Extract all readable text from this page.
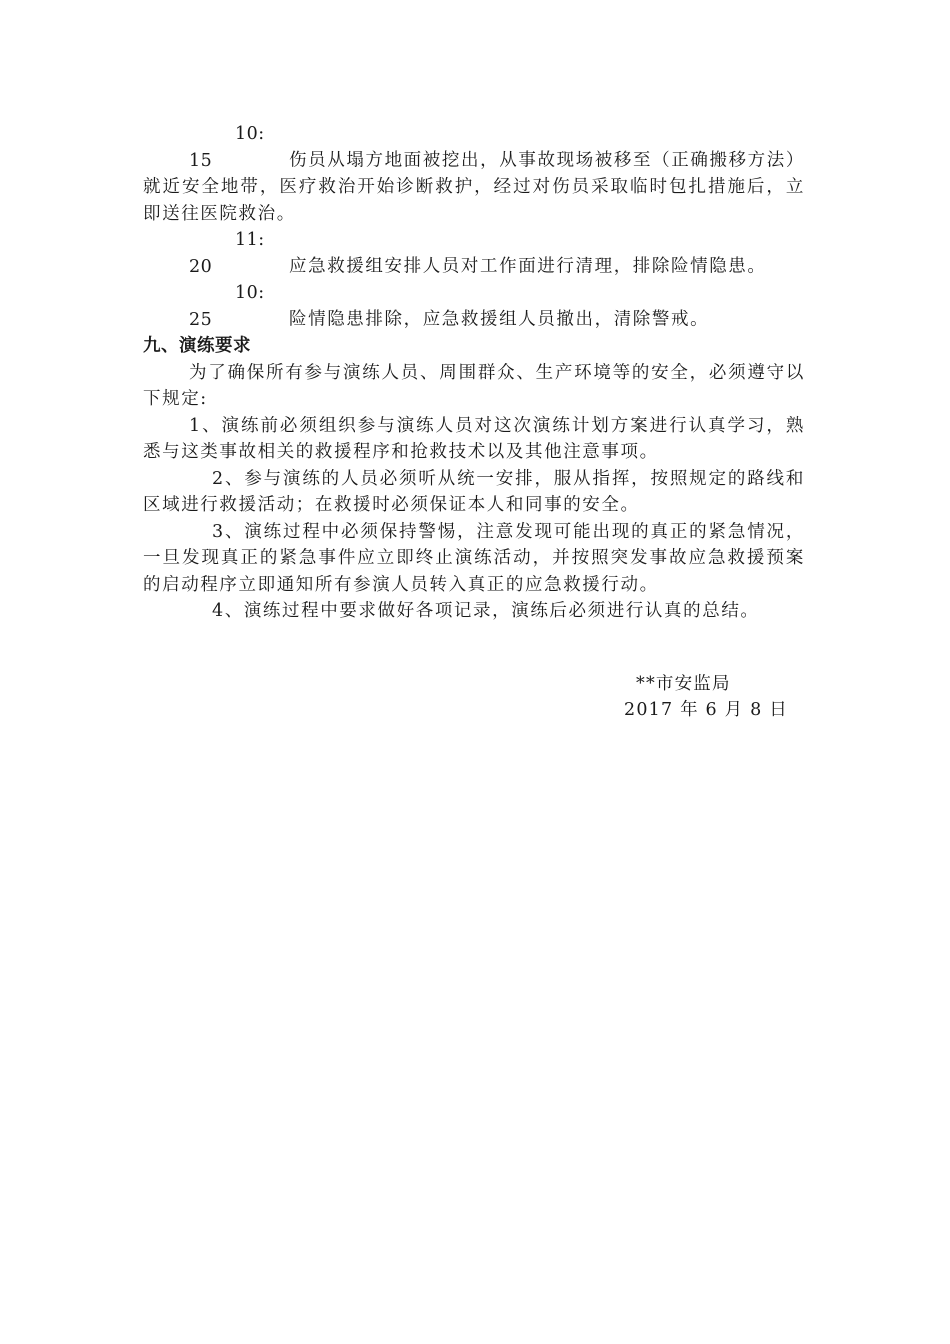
10: 15	伤员从塌方地面被挖出，从事故现场被移至（正确搬移方法）就近安全地带，医疗救治开始诊断救护，经过对伤员采取临时包扎措施后，立即送往医院救治。

11: 20	应急救援组安排人员对工作面进行清理，排除险情隐患。

10: 25	险情隐患排除，应急救援组人员撤出，清除警戒。

九、演练要求

为了确保所有参与演练人员、周围群众、生产环境等的安全，必须遵守以下规定:

1、演练前必须组织参与演练人员对这次演练计划方案进行认真学习，熟悉与这类事故相关的救援程序和抢救技术以及其他注意事项。

2、参与演练的人员必须听从统一安排，服从指挥，按照规定的路线和区域进行救援活动；在救援时必须保证本人和同事的安全。

3、演练过程中必须保持警惕，注意发现可能出现的真正的紧急情况，一旦发现真正的紧急事件应立即终止演练活动，并按照突发事故应急救援预案的启动程序立即通知所有参演人员转入真正的应急救援行动。

4、演练过程中要求做好各项记录，演练后必须进行认真的总结。

**市安监局
2017 年 6 月 8 日
